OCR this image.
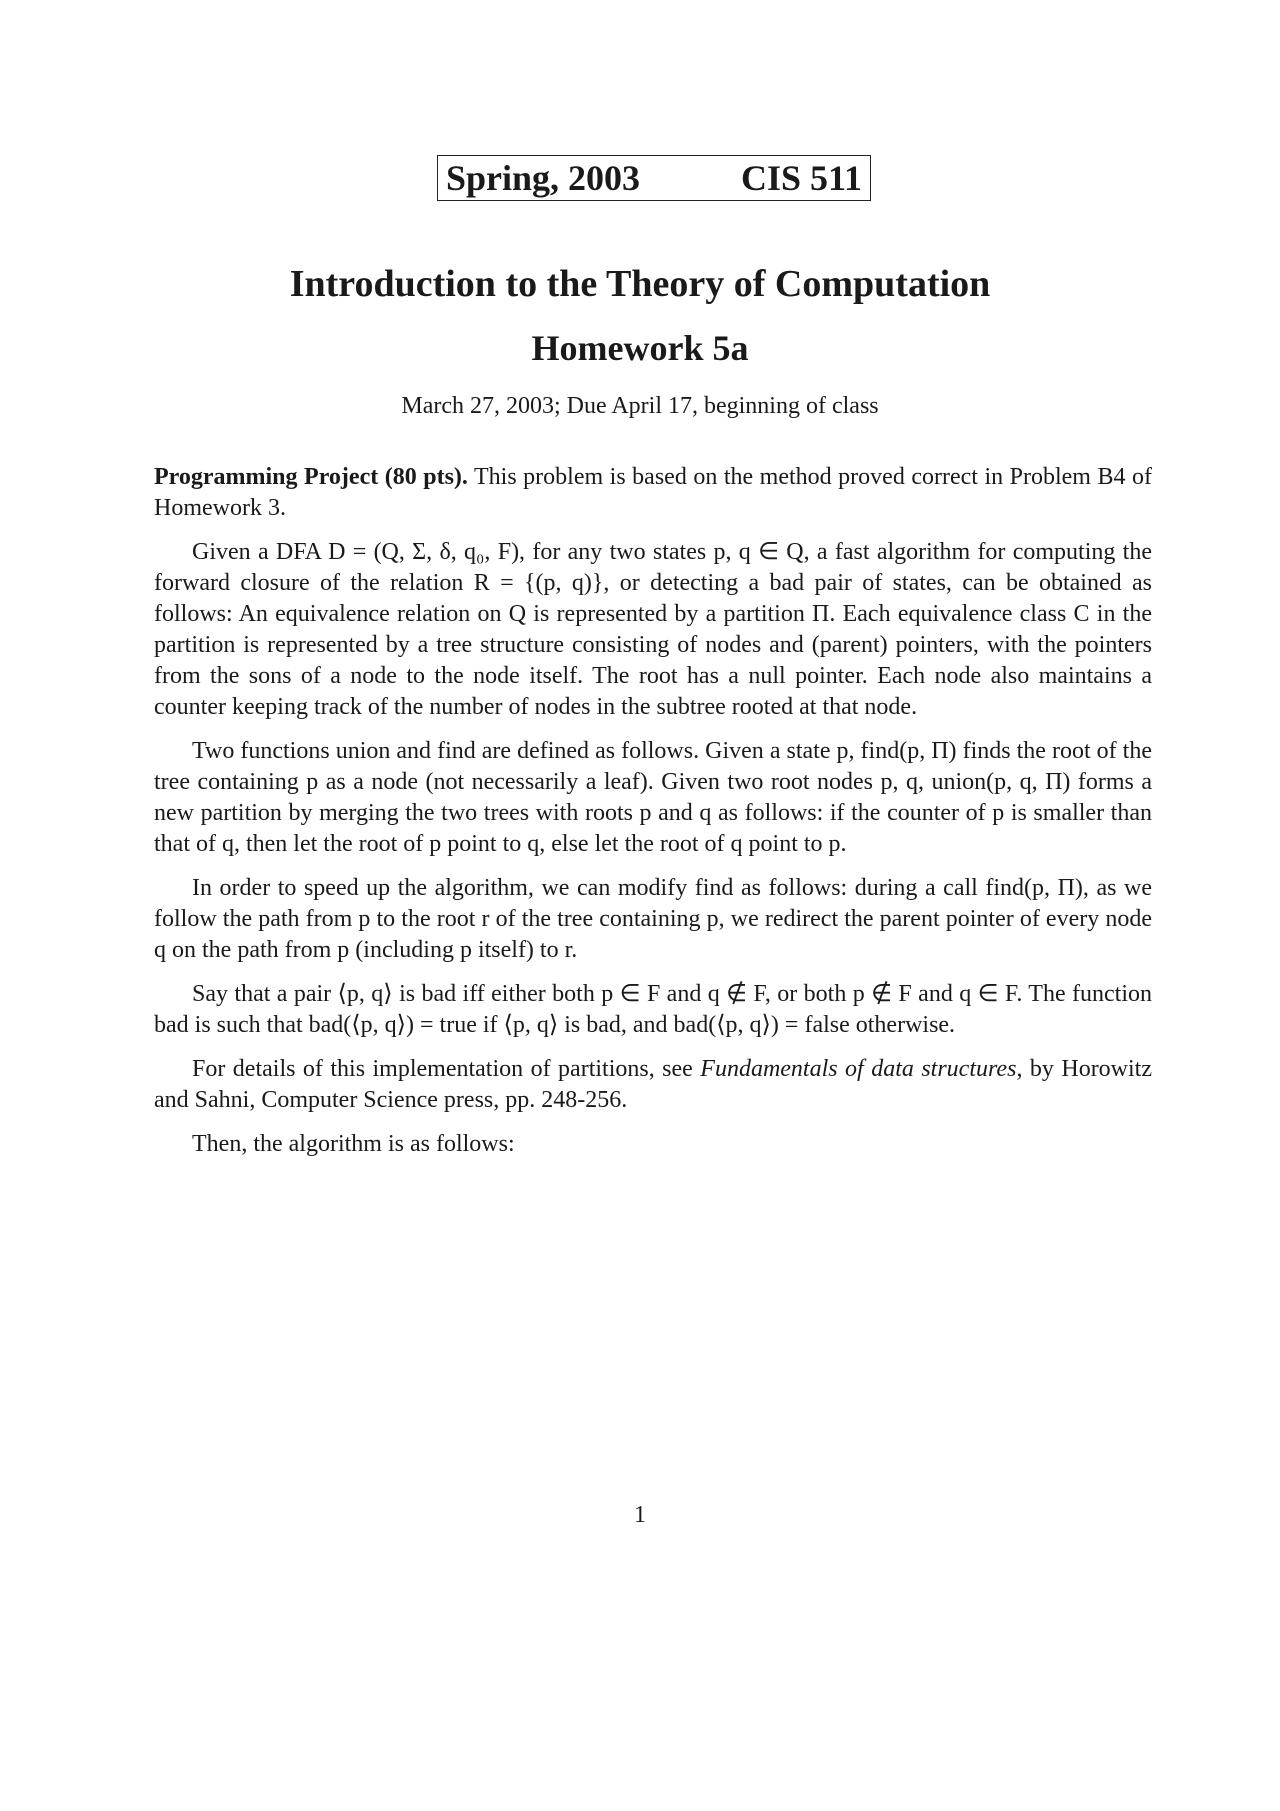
Spring, 2003	CIS 511
Introduction to the Theory of Computation
Homework 5a
March 27, 2003; Due April 17, beginning of class

Programming Project (80 pts). This problem is based on the method proved correct in Problem B4 of Homework 3.

Given a DFA D = (Q, Σ, δ, q₀, F), for any two states p, q ∈ Q, a fast algorithm for computing the forward closure of the relation R = {(p, q)}, or detecting a bad pair of states, can be obtained as follows: An equivalence relation on Q is represented by a partition Π. Each equivalence class C in the partition is represented by a tree structure consisting of nodes and (parent) pointers, with the pointers from the sons of a node to the node itself. The root has a null pointer. Each node also maintains a counter keeping track of the number of nodes in the subtree rooted at that node.

Two functions union and find are defined as follows. Given a state p, find(p, Π) finds the root of the tree containing p as a node (not necessarily a leaf). Given two root nodes p, q, union(p, q, Π) forms a new partition by merging the two trees with roots p and q as follows: if the counter of p is smaller than that of q, then let the root of p point to q, else let the root of q point to p.

In order to speed up the algorithm, we can modify find as follows: during a call find(p, Π), as we follow the path from p to the root r of the tree containing p, we redirect the parent pointer of every node q on the path from p (including p itself) to r.

Say that a pair ⟨p, q⟩ is bad iff either both p ∈ F and q ∉ F, or both p ∉ F and q ∈ F. The function bad is such that bad(⟨p, q⟩) = true if ⟨p, q⟩ is bad, and bad(⟨p, q⟩) = false otherwise.

For details of this implementation of partitions, see Fundamentals of data structures, by Horowitz and Sahni, Computer Science press, pp. 248-256.

Then, the algorithm is as follows:

1
